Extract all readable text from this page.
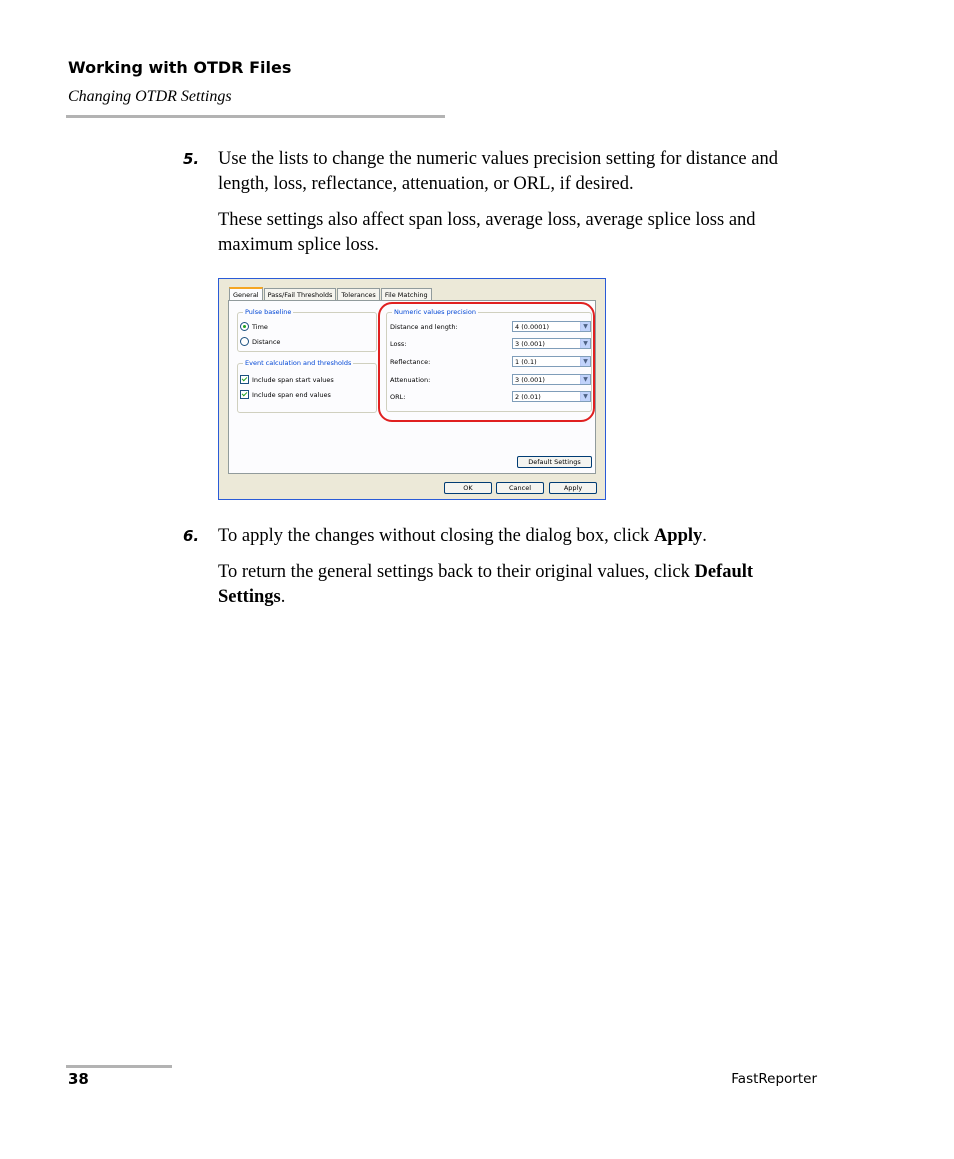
Working with OTDR Files
Changing OTDR Settings
5. Use the lists to change the numeric values precision setting for distance and length, loss, reflectance, attenuation, or ORL, if desired.
These settings also affect span loss, average loss, average splice loss and maximum splice loss.
General	Pass/Fail Thresholds	Tolerances	File Matching
Pulse baseline
Time
Distance
Event calculation and thresholds
Include span start values
Include span end values
Numeric values precision
Distance and length:	4 (0.0001)	▼
Loss:	3 (0.001)	▼
Reflectance:	1 (0.1)	▼
Attenuation:	3 (0.001)	▼
ORL:	2 (0.01)	▼
Default Settings
OK	Cancel	Apply
6. To apply the changes without closing the dialog box, click Apply.
To return the general settings back to their original values, click Default Settings.
38	FastReporter
